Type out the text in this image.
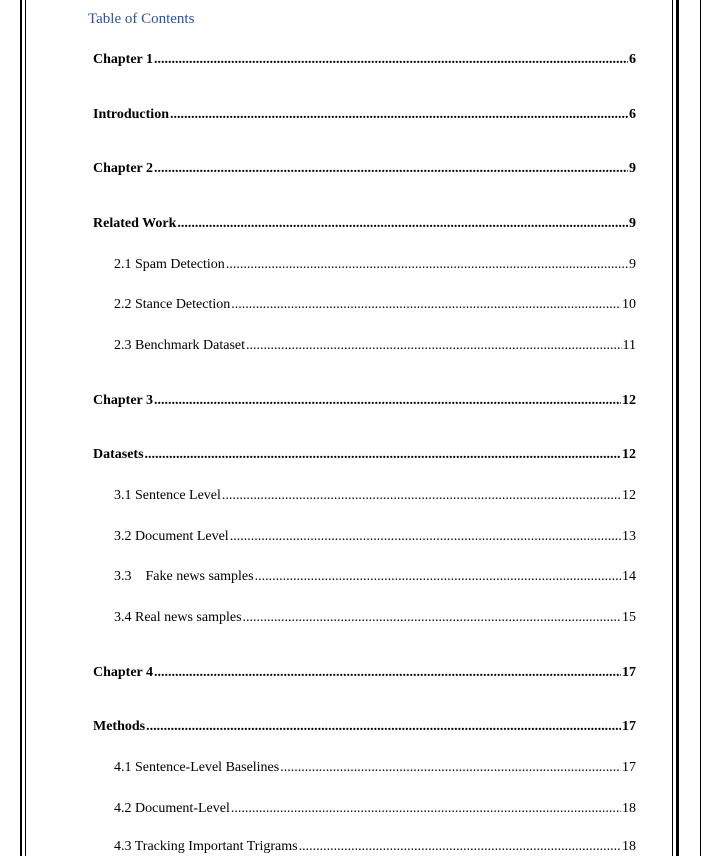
Table of Contents
Chapter 1 .....	6
Introduction .....	6
Chapter 2 .....	9
Related Work .....	9
2.1 Spam Detection .....	9
2.2 Stance Detection .....	10
2.3 Benchmark Dataset .....	11
Chapter 3 .....	12
Datasets .....	12
3.1 Sentence Level .....	12
3.2 Document Level .....	13
3.3    Fake news samples .....	14
3.4 Real news samples .....	15
Chapter 4 .....	17
Methods .....	17
4.1 Sentence-Level Baselines .....	17
4.2 Document-Level .....	18
4.3 Tracking Important Trigrams .....	18
